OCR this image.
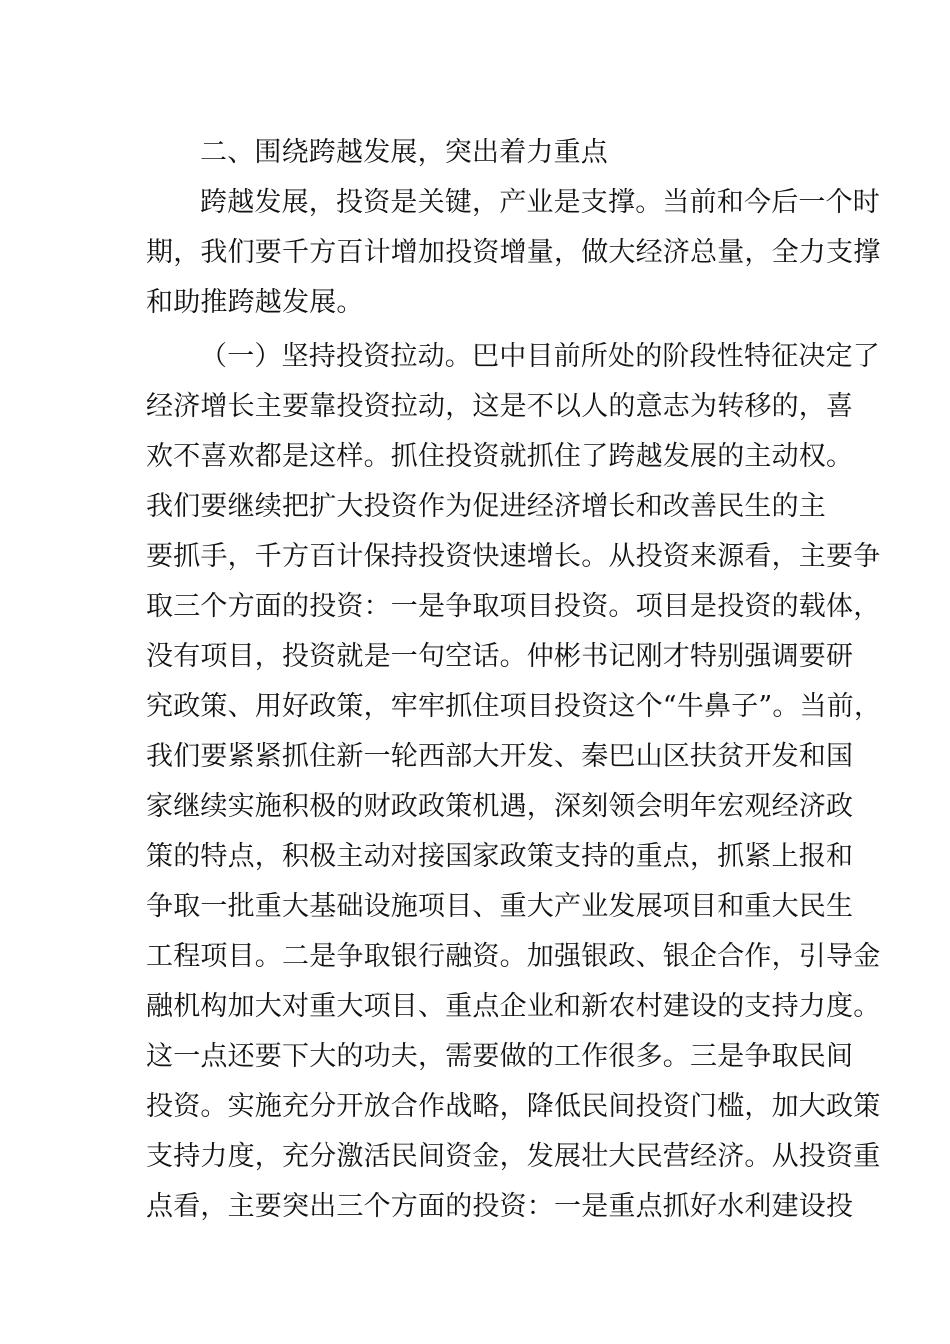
二、围绕跨越发展，突出着力重点
跨越发展，投资是关键，产业是支撑。当前和今后一个时
期，我们要千方百计增加投资增量，做大经济总量，全力支撑
和助推跨越发展。
（一）坚持投资拉动。巴中目前所处的阶段性特征决定了
经济增长主要靠投资拉动，这是不以人的意志为转移的，喜
欢不喜欢都是这样。抓住投资就抓住了跨越发展的主动权。
我们要继续把扩大投资作为促进经济增长和改善民生的主
要抓手，千方百计保持投资快速增长。从投资来源看，主要争
取三个方面的投资：一是争取项目投资。项目是投资的载体，
没有项目，投资就是一句空话。仲彬书记刚才特别强调要研
究政策、用好政策，牢牢抓住项目投资这个“牛鼻子”。当前，
我们要紧紧抓住新一轮西部大开发、秦巴山区扶贫开发和国
家继续实施积极的财政政策机遇，深刻领会明年宏观经济政
策的特点，积极主动对接国家政策支持的重点，抓紧上报和
争取一批重大基础设施项目、重大产业发展项目和重大民生
工程项目。二是争取银行融资。加强银政、银企合作，引导金
融机构加大对重大项目、重点企业和新农村建设的支持力度。
这一点还要下大的功夫，需要做的工作很多。三是争取民间
投资。实施充分开放合作战略，降低民间投资门槛，加大政策
支持力度，充分激活民间资金，发展壮大民营经济。从投资重
点看，主要突出三个方面的投资：一是重点抓好水利建设投
